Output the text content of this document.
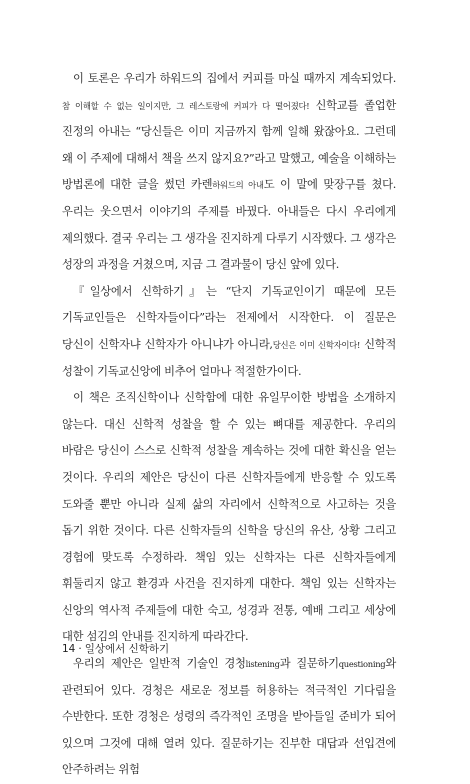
이 토론은 우리가 하워드의 집에서 커피를 마실 때까지 계속되었다.참 이해할 수 없는 일이지만, 그 레스토랑에 커피가 다 떨어졌다! 신학교를 졸업한 진정의 아내는 “당신들은 이미 지금까지 함께 일해 왔잖아요. 그런데 왜 이 주제에 대해서 책을 쓰지 않지요?”라고 말했고, 예술을 이해하는 방법론에 대한 글을 썼던 카렌하워드의 아내도 이 말에 맞장구를 쳤다. 우리는 웃으면서 이야기의 주제를 바꿨다. 아내들은 다시 우리에게 제의했다. 결국 우리는 그 생각을 진지하게 다루기 시작했다. 그 생각은 성장의 과정을 거쳤으며, 지금 그 결과물이 당신 앞에 있다.

『일상에서 신학하기』는 “단지 기독교인이기 때문에 모든 기독교인들은 신학자들이다”라는 전제에서 시작한다. 이 질문은 당신이 신학자냐 신학자가 아니냐가 아니라,당신은 이미 신학자이다! 신학적 성찰이 기독교신앙에 비추어 얼마나 적절한가이다.

이 책은 조직신학이나 신학함에 대한 유일무이한 방법을 소개하지 않는다. 대신 신학적 성찰을 할 수 있는 뼈대를 제공한다. 우리의 바람은 당신이 스스로 신학적 성찰을 계속하는 것에 대한 확신을 얻는 것이다. 우리의 제안은 당신이 다른 신학자들에게 반응할 수 있도록 도와줄 뿐만 아니라 실제 삶의 자리에서 신학적으로 사고하는 것을 돕기 위한 것이다. 다른 신학자들의 신학을 당신의 유산, 상황 그리고 경험에 맞도록 수정하라. 책임 있는 신학자는 다른 신학자들에게 휘둘리지 않고 환경과 사건을 진지하게 대한다. 책임 있는 신학자는 신앙의 역사적 주제들에 대한 숙고, 성경과 전통, 예배 그리고 세상에 대한 섬김의 안내를 진지하게 따라간다.

우리의 제안은 일반적 기술인 경청listening과 질문하기questioning와 관련되어 있다. 경청은 새로운 정보를 허용하는 적극적인 기다림을 수반한다. 또한 경청은 성령의 즉각적인 조명을 받아들일 준비가 되어 있으며 그것에 대해 열려 있다. 질문하기는 진부한 대답과 선입견에 안주하려는 위험

14 · 일상에서 신학하기
